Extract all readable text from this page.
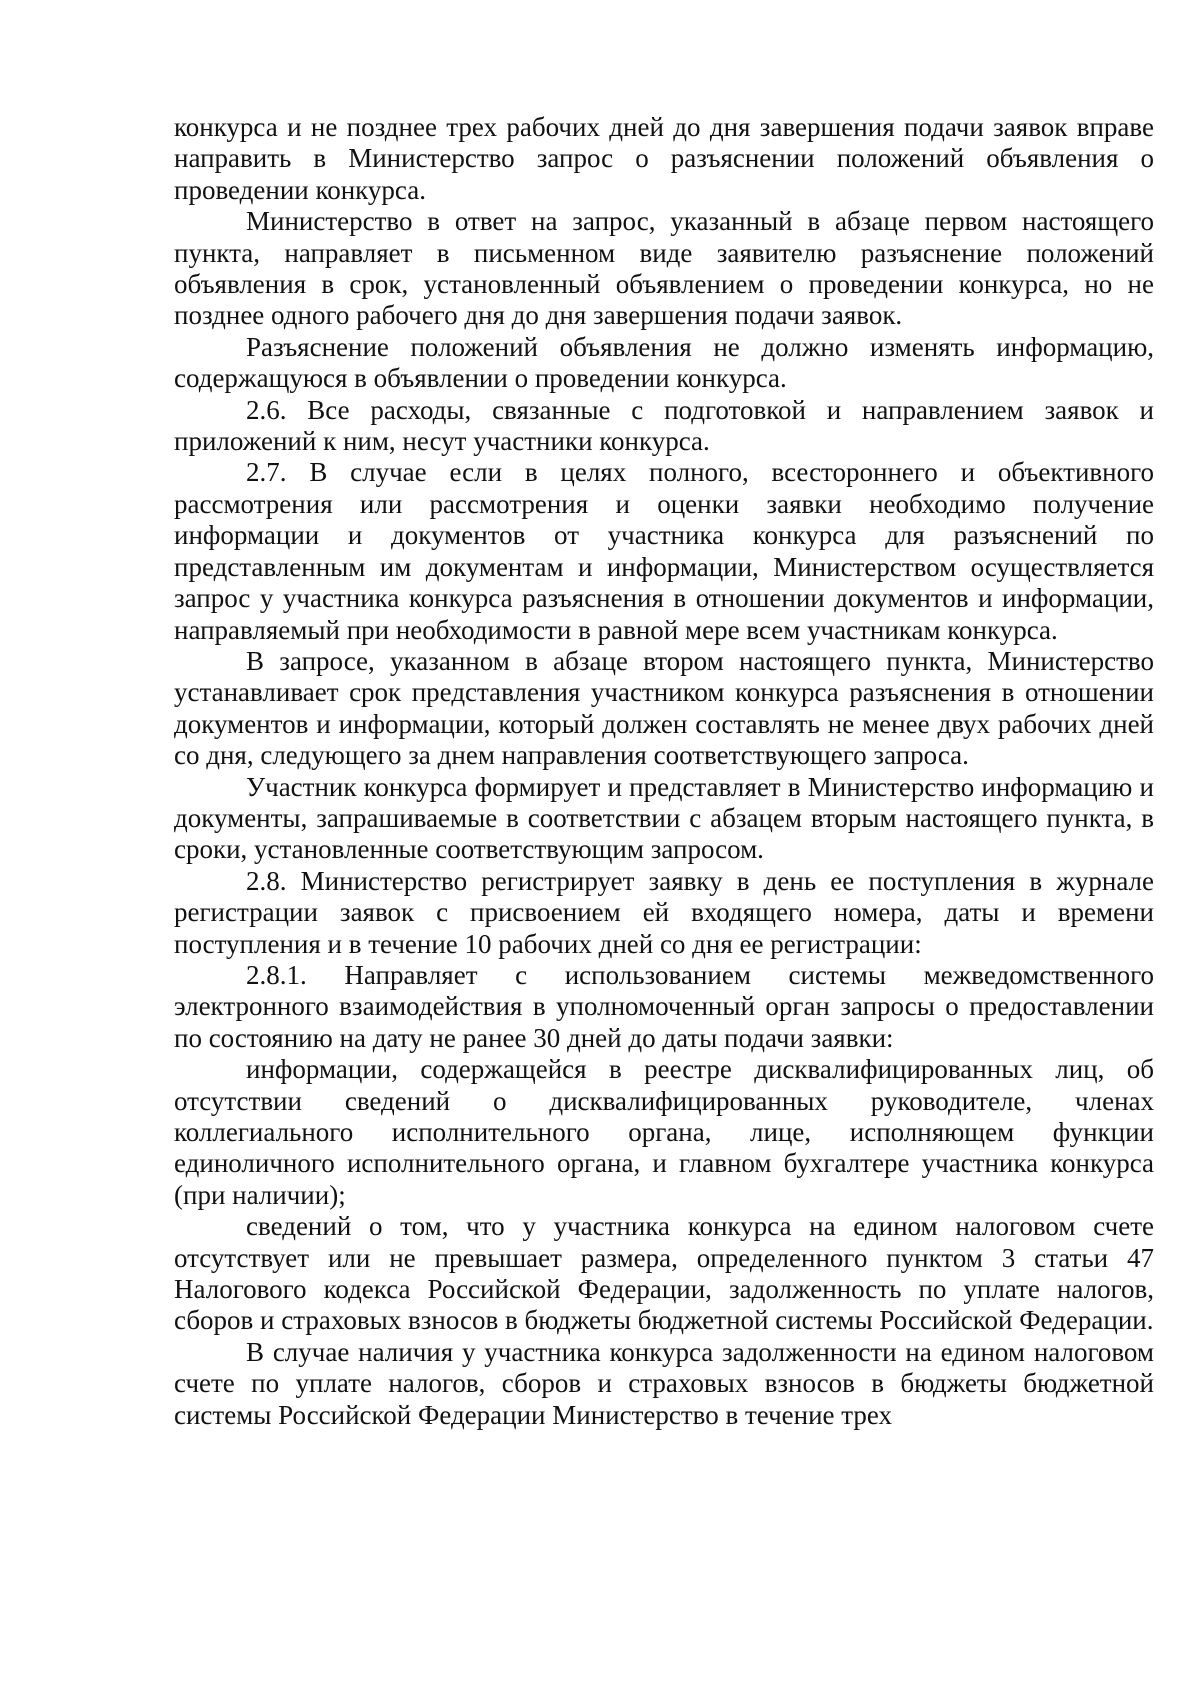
конкурса и не позднее трех рабочих дней до дня завершения подачи заявок вправе направить в Министерство запрос о разъяснении положений объявления о проведении конкурса.

Министерство в ответ на запрос, указанный в абзаце первом настоящего пункта, направляет в письменном виде заявителю разъяснение положений объявления в срок, установленный объявлением о проведении конкурса, но не позднее одного рабочего дня до дня завершения подачи заявок.

Разъяснение положений объявления не должно изменять информацию, содержащуюся в объявлении о проведении конкурса.

2.6. Все расходы, связанные с подготовкой и направлением заявок и приложений к ним, несут участники конкурса.

2.7. В случае если в целях полного, всестороннего и объективного рассмотрения или рассмотрения и оценки заявки необходимо получение информации и документов от участника конкурса для разъяснений по представленным им документам и информации, Министерством осуществляется запрос у участника конкурса разъяснения в отношении документов и информации, направляемый при необходимости в равной мере всем участникам конкурса.

В запросе, указанном в абзаце втором настоящего пункта, Министерство устанавливает срок представления участником конкурса разъяснения в отношении документов и информации, который должен составлять не менее двух рабочих дней со дня, следующего за днем направления соответствующего запроса.

Участник конкурса формирует и представляет в Министерство информацию и документы, запрашиваемые в соответствии с абзацем вторым настоящего пункта, в сроки, установленные соответствующим запросом.

2.8. Министерство регистрирует заявку в день ее поступления в журнале регистрации заявок с присвоением ей входящего номера, даты и времени поступления и в течение 10 рабочих дней со дня ее регистрации:

2.8.1. Направляет с использованием системы межведомственного электронного взаимодействия в уполномоченный орган запросы о предоставлении по состоянию на дату не ранее 30 дней до даты подачи заявки:

информации, содержащейся в реестре дисквалифицированных лиц, об отсутствии сведений о дисквалифицированных руководителе, членах коллегиального исполнительного органа, лице, исполняющем функции единоличного исполнительного органа, и главном бухгалтере участника конкурса (при наличии);

сведений о том, что у участника конкурса на едином налоговом счете отсутствует или не превышает размера, определенного пунктом 3 статьи 47 Налогового кодекса Российской Федерации, задолженность по уплате налогов, сборов и страховых взносов в бюджеты бюджетной системы Российской Федерации.

В случае наличия у участника конкурса задолженности на едином налоговом счете по уплате налогов, сборов и страховых взносов в бюджеты бюджетной системы Российской Федерации Министерство в течение трех
